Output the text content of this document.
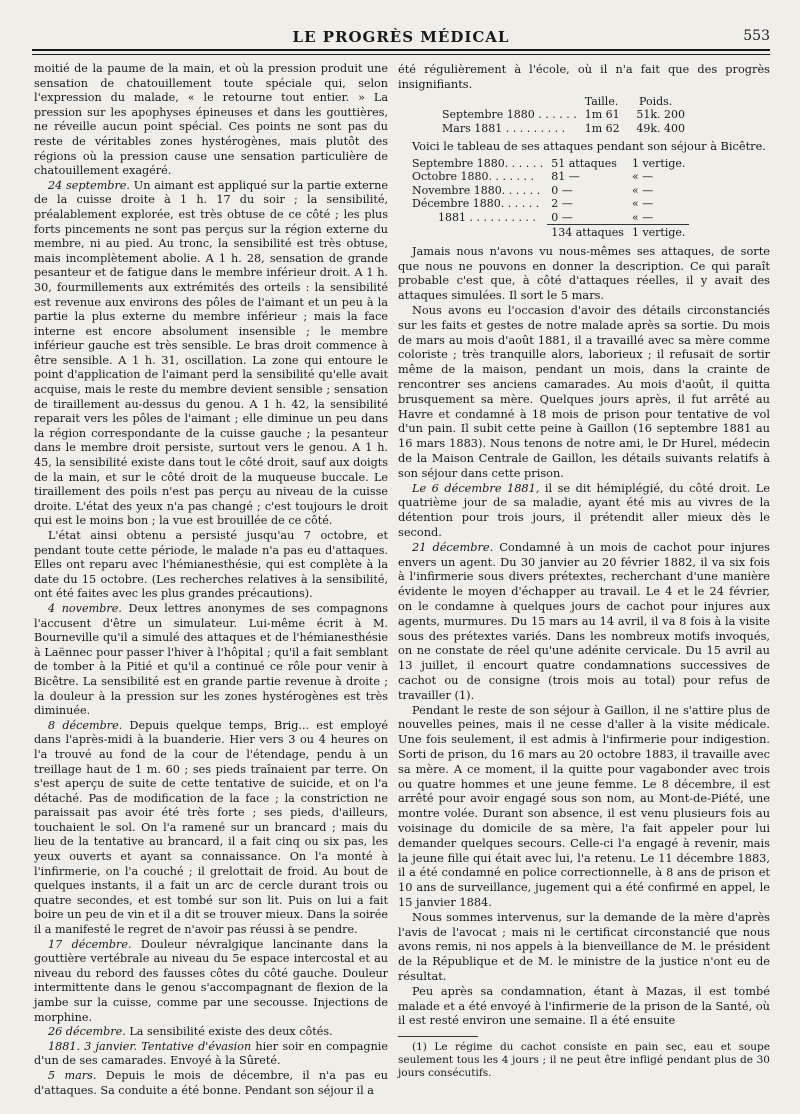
LE PROGRÈS MÉDICAL	553

moitié de la paume de la main, et où la pression produit une sensation de chatouillement toute spéciale qui, selon l'expression du malade, « le retourne tout entier. » La pression sur les apophyses épineuses et dans les gouttières, ne réveille aucun point spécial. Ces points ne sont pas du reste de véritables zones hystérogènes, mais plutôt des régions où la pression cause une sensation particulière de chatouillement exagéré.

24 septembre. Un aimant est appliqué sur la partie externe de la cuisse droite à 1 h. 17 du soir ; la sensibilité, préalablement explorée, est très obtuse de ce côté ; les plus forts pincements ne sont pas perçus sur la région externe du membre, ni au pied. Au tronc, la sensibilité est très obtuse, mais incomplètement abolie. A 1 h. 28, sensation de grande pesanteur et de fatigue dans le membre inférieur droit. A 1 h. 30, fourmillements aux extrémités des orteils : la sensibilité est revenue aux environs des pôles de l'aimant et un peu à la partie la plus externe du membre inférieur ; mais la face interne est encore absolument insensible ; le membre inférieur gauche est très sensible. Le bras droit commence à être sensible. A 1 h. 31, oscillation. La zone qui entoure le point d'application de l'aimant perd la sensibilité qu'elle avait acquise, mais le reste du membre devient sensible ; sensation de tiraillement au-dessus du genou. A 1 h. 42, la sensibilité reparait vers les pôles de l'aimant ; elle diminue un peu dans la région correspondante de la cuisse gauche ; la pesanteur dans le membre droit persiste, surtout vers le genou. A 1 h. 45, la sensibilité existe dans tout le côté droit, sauf aux doigts de la main, et sur le côté droit de la muqueuse buccale. Le tiraillement des poils n'est pas perçu au niveau de la cuisse droite. L'état des yeux n'a pas changé ; c'est toujours le droit qui est le moins bon ; la vue est brouillée de ce côté.

L'état ainsi obtenu a persisté jusqu'au 7 octobre, et pendant toute cette période, le malade n'a pas eu d'attaques. Elles ont reparu avec l'hémianesthésie, qui est complète à la date du 15 octobre. (Les recherches relatives à la sensibilité, ont été faites avec les plus grandes précautions).

4 novembre. Deux lettres anonymes de ses compagnons l'accusent d'être un simulateur. Lui-même écrit à M. Bourneville qu'il a simulé des attaques et de l'hémianesthésie à Laënnec pour passer l'hiver à l'hôpital ; qu'il a fait semblant de tomber à la Pitié et qu'il a continué ce rôle pour venir à Bicêtre. La sensibilité est en grande partie revenue à droite ; la douleur à la pression sur les zones hystérogènes est très diminuée.

8 décembre. Depuis quelque temps, Brig... est employé dans l'après-midi à la buanderie. Hier vers 3 ou 4 heures on l'a trouvé au fond de la cour de l'étendage, pendu à un treillage haut de 1 m. 60 ; ses pieds traînaient par terre. On s'est aperçu de suite de cette tentative de suicide, et on l'a détaché. Pas de modification de la face ; la constriction ne paraissait pas avoir été très forte ; ses pieds, d'ailleurs, touchaient le sol. On l'a ramené sur un brancard ; mais du lieu de la tentative au brancard, il a fait cinq ou six pas, les yeux ouverts et ayant sa connaissance. On l'a monté à l'infirmerie, on l'a couché ; il grelottait de froid. Au bout de quelques instants, il a fait un arc de cercle durant trois ou quatre secondes, et est tombé sur son lit. Puis on lui a fait boire un peu de vin et il a dit se trouver mieux. Dans la soirée il a manifesté le regret de n'avoir pas réussi à se pendre.

17 décembre. Douleur névralgique lancinante dans la gouttière vertébrale au niveau du 5e espace intercostal et au niveau du rebord des fausses côtes du côté gauche. Douleur intermittente dans le genou s'accompagnant de flexion de la jambe sur la cuisse, comme par une secousse. Injections de morphine.

26 décembre. La sensibilité existe des deux côtés.

1881. 3 janvier. Tentative d'évasion hier soir en compagnie d'un de ses camarades. Envoyé à la Sûreté.

5 mars. Depuis le mois de décembre, il n'a pas eu d'attaques. Sa conduite a été bonne. Pendant son séjour il a

été régulièrement à l'école, où il n'a fait que des progrès insignifiants.

	Taille.	Poids.
Septembre 1880 . . . . . .	1m 61	51k. 200
Mars 1881 . . . . . . . . .	1m 62	49k. 400

Voici le tableau de ses attaques pendant son séjour à Bicêtre.

Septembre 1880. . . . . .	51 attaques	1 vertige.
Octobre 1880. . . . . . .	81 —	« —
Novembre 1880. . . . . .	0 —	« —
Décembre 1880. . . . . .	2 —	« —
1881 . . . . . . . . . .	0 —	« —
	134 attaques	1 vertige.

Jamais nous n'avons vu nous-mêmes ses attaques, de sorte que nous ne pouvons en donner la description. Ce qui paraît probable c'est que, à côté d'attaques réelles, il y avait des attaques simulées. Il sort le 5 mars.

Nous avons eu l'occasion d'avoir des détails circonstanciés sur les faits et gestes de notre malade après sa sortie. Du mois de mars au mois d'août 1881, il a travaillé avec sa mère comme coloriste ; très tranquille alors, laborieux ; il refusait de sortir même de la maison, pendant un mois, dans la crainte de rencontrer ses anciens camarades. Au mois d'août, il quitta brusquement sa mère. Quelques jours après, il fut arrêté au Havre et condamné à 18 mois de prison pour tentative de vol d'un pain. Il subit cette peine à Gaillon (16 septembre 1881 au 16 mars 1883). Nous tenons de notre ami, le Dr Hurel, médecin de la Maison Centrale de Gaillon, les détails suivants relatifs à son séjour dans cette prison.

Le 6 décembre 1881, il se dit hémiplégié, du côté droit. Le quatrième jour de sa maladie, ayant été mis au vivres de la détention pour trois jours, il prétendit aller mieux dès le second.

21 décembre. Condamné à un mois de cachot pour injures envers un agent. Du 30 janvier au 20 février 1882, il va six fois à l'infirmerie sous divers prétextes, recherchant d'une manière évidente le moyen d'échapper au travail. Le 4 et le 24 février, on le condamne à quelques jours de cachot pour injures aux agents, murmures. Du 15 mars au 14 avril, il va 8 fois à la visite sous des prétextes variés. Dans les nombreux motifs invoqués, on ne constate de réel qu'une adénite cervicale. Du 15 avril au 13 juillet, il encourt quatre condamnations successives de cachot ou de consigne (trois mois au total) pour refus de travailler (1).

Pendant le reste de son séjour à Gaillon, il ne s'attire plus de nouvelles peines, mais il ne cesse d'aller à la visite médicale. Une fois seulement, il est admis à l'infirmerie pour indigestion. Sorti de prison, du 16 mars au 20 octobre 1883, il travaille avec sa mère. A ce moment, il la quitte pour vagabonder avec trois ou quatre hommes et une jeune femme. Le 8 décembre, il est arrêté pour avoir engagé sous son nom, au Mont-de-Piété, une montre volée. Durant son absence, il est venu plusieurs fois au voisinage du domicile de sa mère, l'a fait appeler pour lui demander quelques secours. Celle-ci l'a engagé à revenir, mais la jeune fille qui était avec lui, l'a retenu. Le 11 décembre 1883, il a été condamné en police correctionnelle, à 8 ans de prison et 10 ans de surveillance, jugement qui a été confirmé en appel, le 15 janvier 1884.

Nous sommes intervenus, sur la demande de la mère d'après l'avis de l'avocat ; mais ni le certificat circonstancié que nous avons remis, ni nos appels à la bienveillance de M. le président de la République et de M. le ministre de la justice n'ont eu de résultat.

Peu après sa condamnation, étant à Mazas, il est tombé malade et a été envoyé à l'infirmerie de la prison de la Santé, où il est resté environ une semaine. Il a été ensuite

(1) Le régime du cachot consiste en pain sec, eau et soupe seulement tous les 4 jours ; il ne peut être infligé pendant plus de 30 jours consécutifs.
